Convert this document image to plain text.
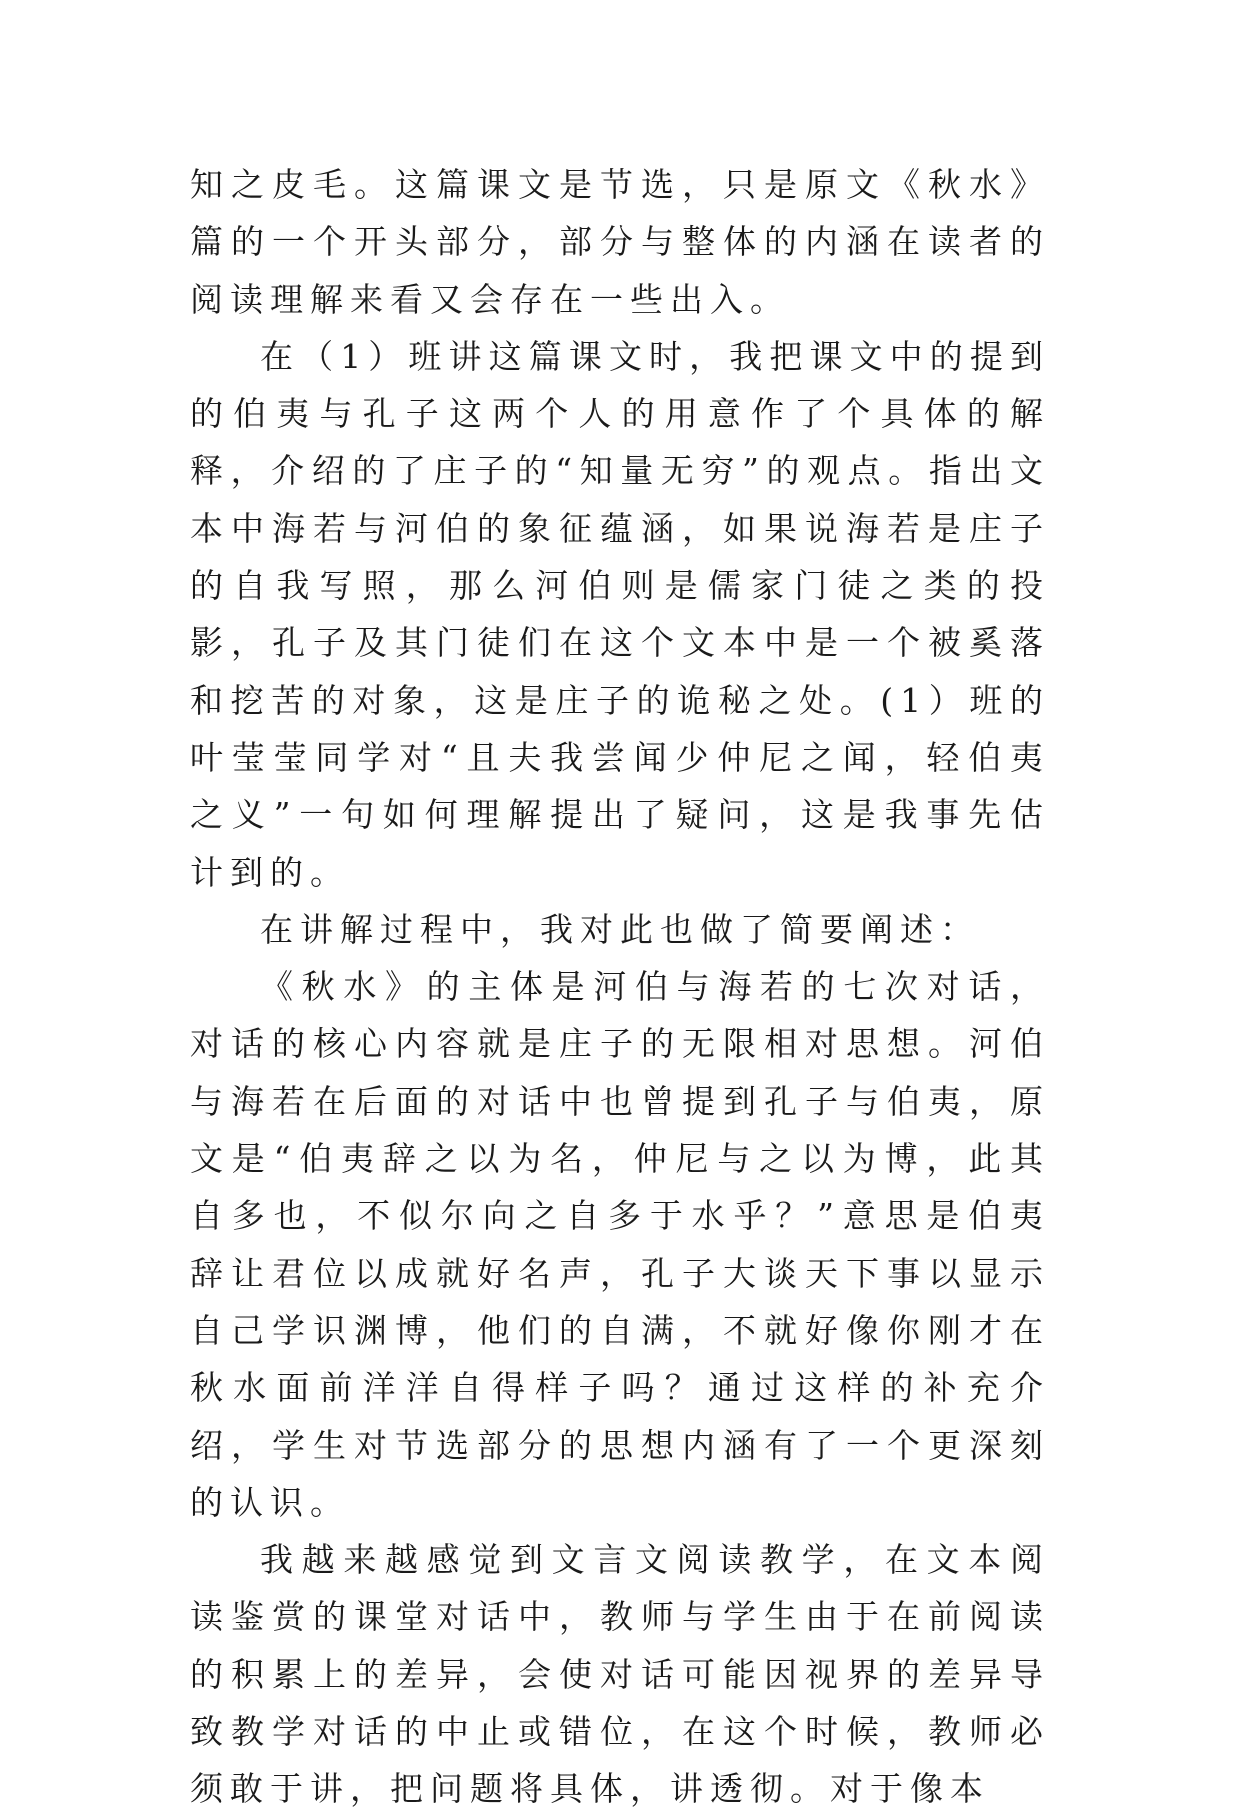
知之皮毛。这篇课文是节选，只是原文《秋水》篇的一个开头部分，部分与整体的内涵在读者的阅读理解来看又会存在一些出入。

在（1）班讲这篇课文时，我把课文中的提到的伯夷与孔子这两个人的用意作了个具体的解释，介绍的了庄子的“知量无穷”的观点。指出文本中海若与河伯的象征蕴涵，如果说海若是庄子的自我写照，那么河伯则是儒家门徒之类的投影，孔子及其门徒们在这个文本中是一个被奚落和挖苦的对象，这是庄子的诡秘之处。(1）班的叶莹莹同学对“且夫我尝闻少仲尼之闻，轻伯夷之义”一句如何理解提出了疑问，这是我事先估计到的。

在讲解过程中，我对此也做了简要阐述：

《秋水》的主体是河伯与海若的七次对话，对话的核心内容就是庄子的无限相对思想。河伯与海若在后面的对话中也曾提到孔子与伯夷，原文是“伯夷辞之以为名，仲尼与之以为博，此其自多也，不似尔向之自多于水乎？”意思是伯夷辞让君位以成就好名声，孔子大谈天下事以显示自己学识渊博，他们的自满，不就好像你刚才在秋水面前洋洋自得样子吗？通过这样的补充介绍，学生对节选部分的思想内涵有了一个更深刻的认识。

我越来越感觉到文言文阅读教学，在文本阅读鉴赏的课堂对话中，教师与学生由于在前阅读的积累上的差异，会使对话可能因视界的差异导致教学对话的中止或错位，在这个时候，教师必须敢于讲，把问题将具体，讲透彻。对于像本
